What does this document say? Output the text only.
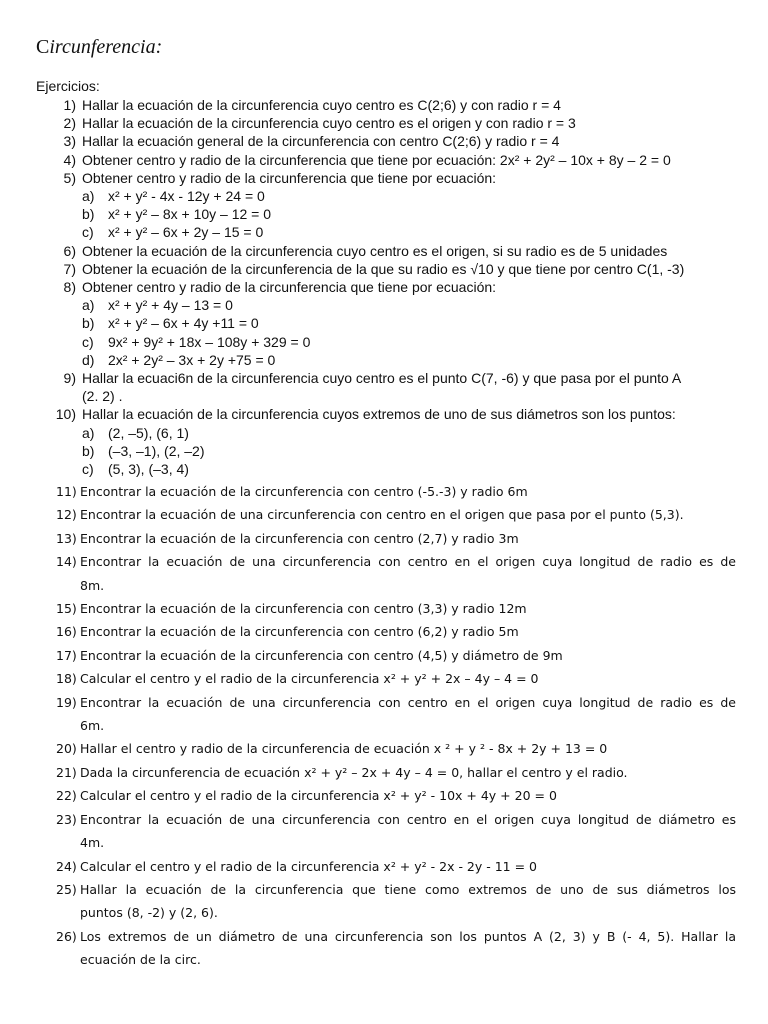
Circunferencia:
Ejercicios:
1) Hallar la ecuación de la circunferencia cuyo centro es C(2;6) y con radio r = 4
2) Hallar la ecuación de la circunferencia cuyo centro es el origen y con radio r = 3
3) Hallar la ecuación general de la circunferencia con centro C(2;6) y radio r = 4
4) Obtener centro y radio de la circunferencia que tiene por ecuación: 2x² + 2y² – 10x + 8y – 2 = 0
5) Obtener centro y radio de la circunferencia que tiene por ecuación:
a) x² + y² - 4x - 12y + 24 = 0
b) x² + y² – 8x + 10y – 12 = 0
c)	x² + y² – 6x + 2y – 15 = 0
6) Obtener la ecuación de la circunferencia cuyo centro es el origen, si su radio es de 5 unidades
7) Obtener la ecuación de la circunferencia de la que su radio es √10 y que tiene por centro C(1, -3)
8) Obtener centro y radio de la circunferencia que tiene por ecuación:
a) x² + y² + 4y – 13 = 0
b) x² + y² – 6x + 4y +11 = 0
c)	9x² + 9y² + 18x – 108y + 329 = 0
d) 2x² + 2y² – 3x + 2y +75 = 0
9) Hallar la ecuaci6n de la circunferencia cuyo centro es el punto C(7, -6) y que pasa por el punto A
(2. 2) .
10) Hallar la ecuación de la circunferencia cuyos extremos de uno de sus diámetros son los puntos:
a) (2, –5), (6, 1)
b) (–3, –1), (2, –2)
c)	(5, 3), (–3, 4)
11) Encontrar la ecuación de la circunferencia con centro (-5.-3) y radio 6m
12) Encontrar la ecuación de una circunferencia con centro en el origen que pasa por el punto (5,3).
13) Encontrar la ecuación de la circunferencia con centro (2,7) y radio 3m
14) Encontrar la ecuación de una circunferencia con centro en el origen cuya longitud de radio es de
8m.
15) Encontrar la ecuación de la circunferencia con centro (3,3) y radio 12m
16) Encontrar la ecuación de la circunferencia con centro (6,2) y radio 5m
17) Encontrar la ecuación de la circunferencia con centro (4,5) y diámetro de 9m
18) Calcular el centro y el radio de la circunferencia x² + y² + 2x – 4y – 4 = 0
19) Encontrar la ecuación de una circunferencia con centro en el origen cuya longitud de radio es de
6m.
20) Hallar el centro y radio de la circunferencia de ecuación x ² + y ² - 8x + 2y + 13 = 0
21) Dada la circunferencia de ecuación x² + y² – 2x + 4y – 4 = 0, hallar el centro y el radio.
22) Calcular el centro y el radio de la circunferencia x² + y² - 10x + 4y + 20 = 0
23) Encontrar la ecuación de una circunferencia con centro en el origen cuya longitud de diámetro es
4m.
24) Calcular el centro y el radio de la circunferencia x² + y² - 2x - 2y - 11 = 0
25) Hallar la ecuación de la circunferencia que tiene como extremos de uno de sus diámetros los
puntos (8, -2) y (2, 6).
26) Los extremos de un diámetro de una circunferencia son los puntos A (2, 3) y B (- 4, 5). Hallar la
ecuación de la circ.
